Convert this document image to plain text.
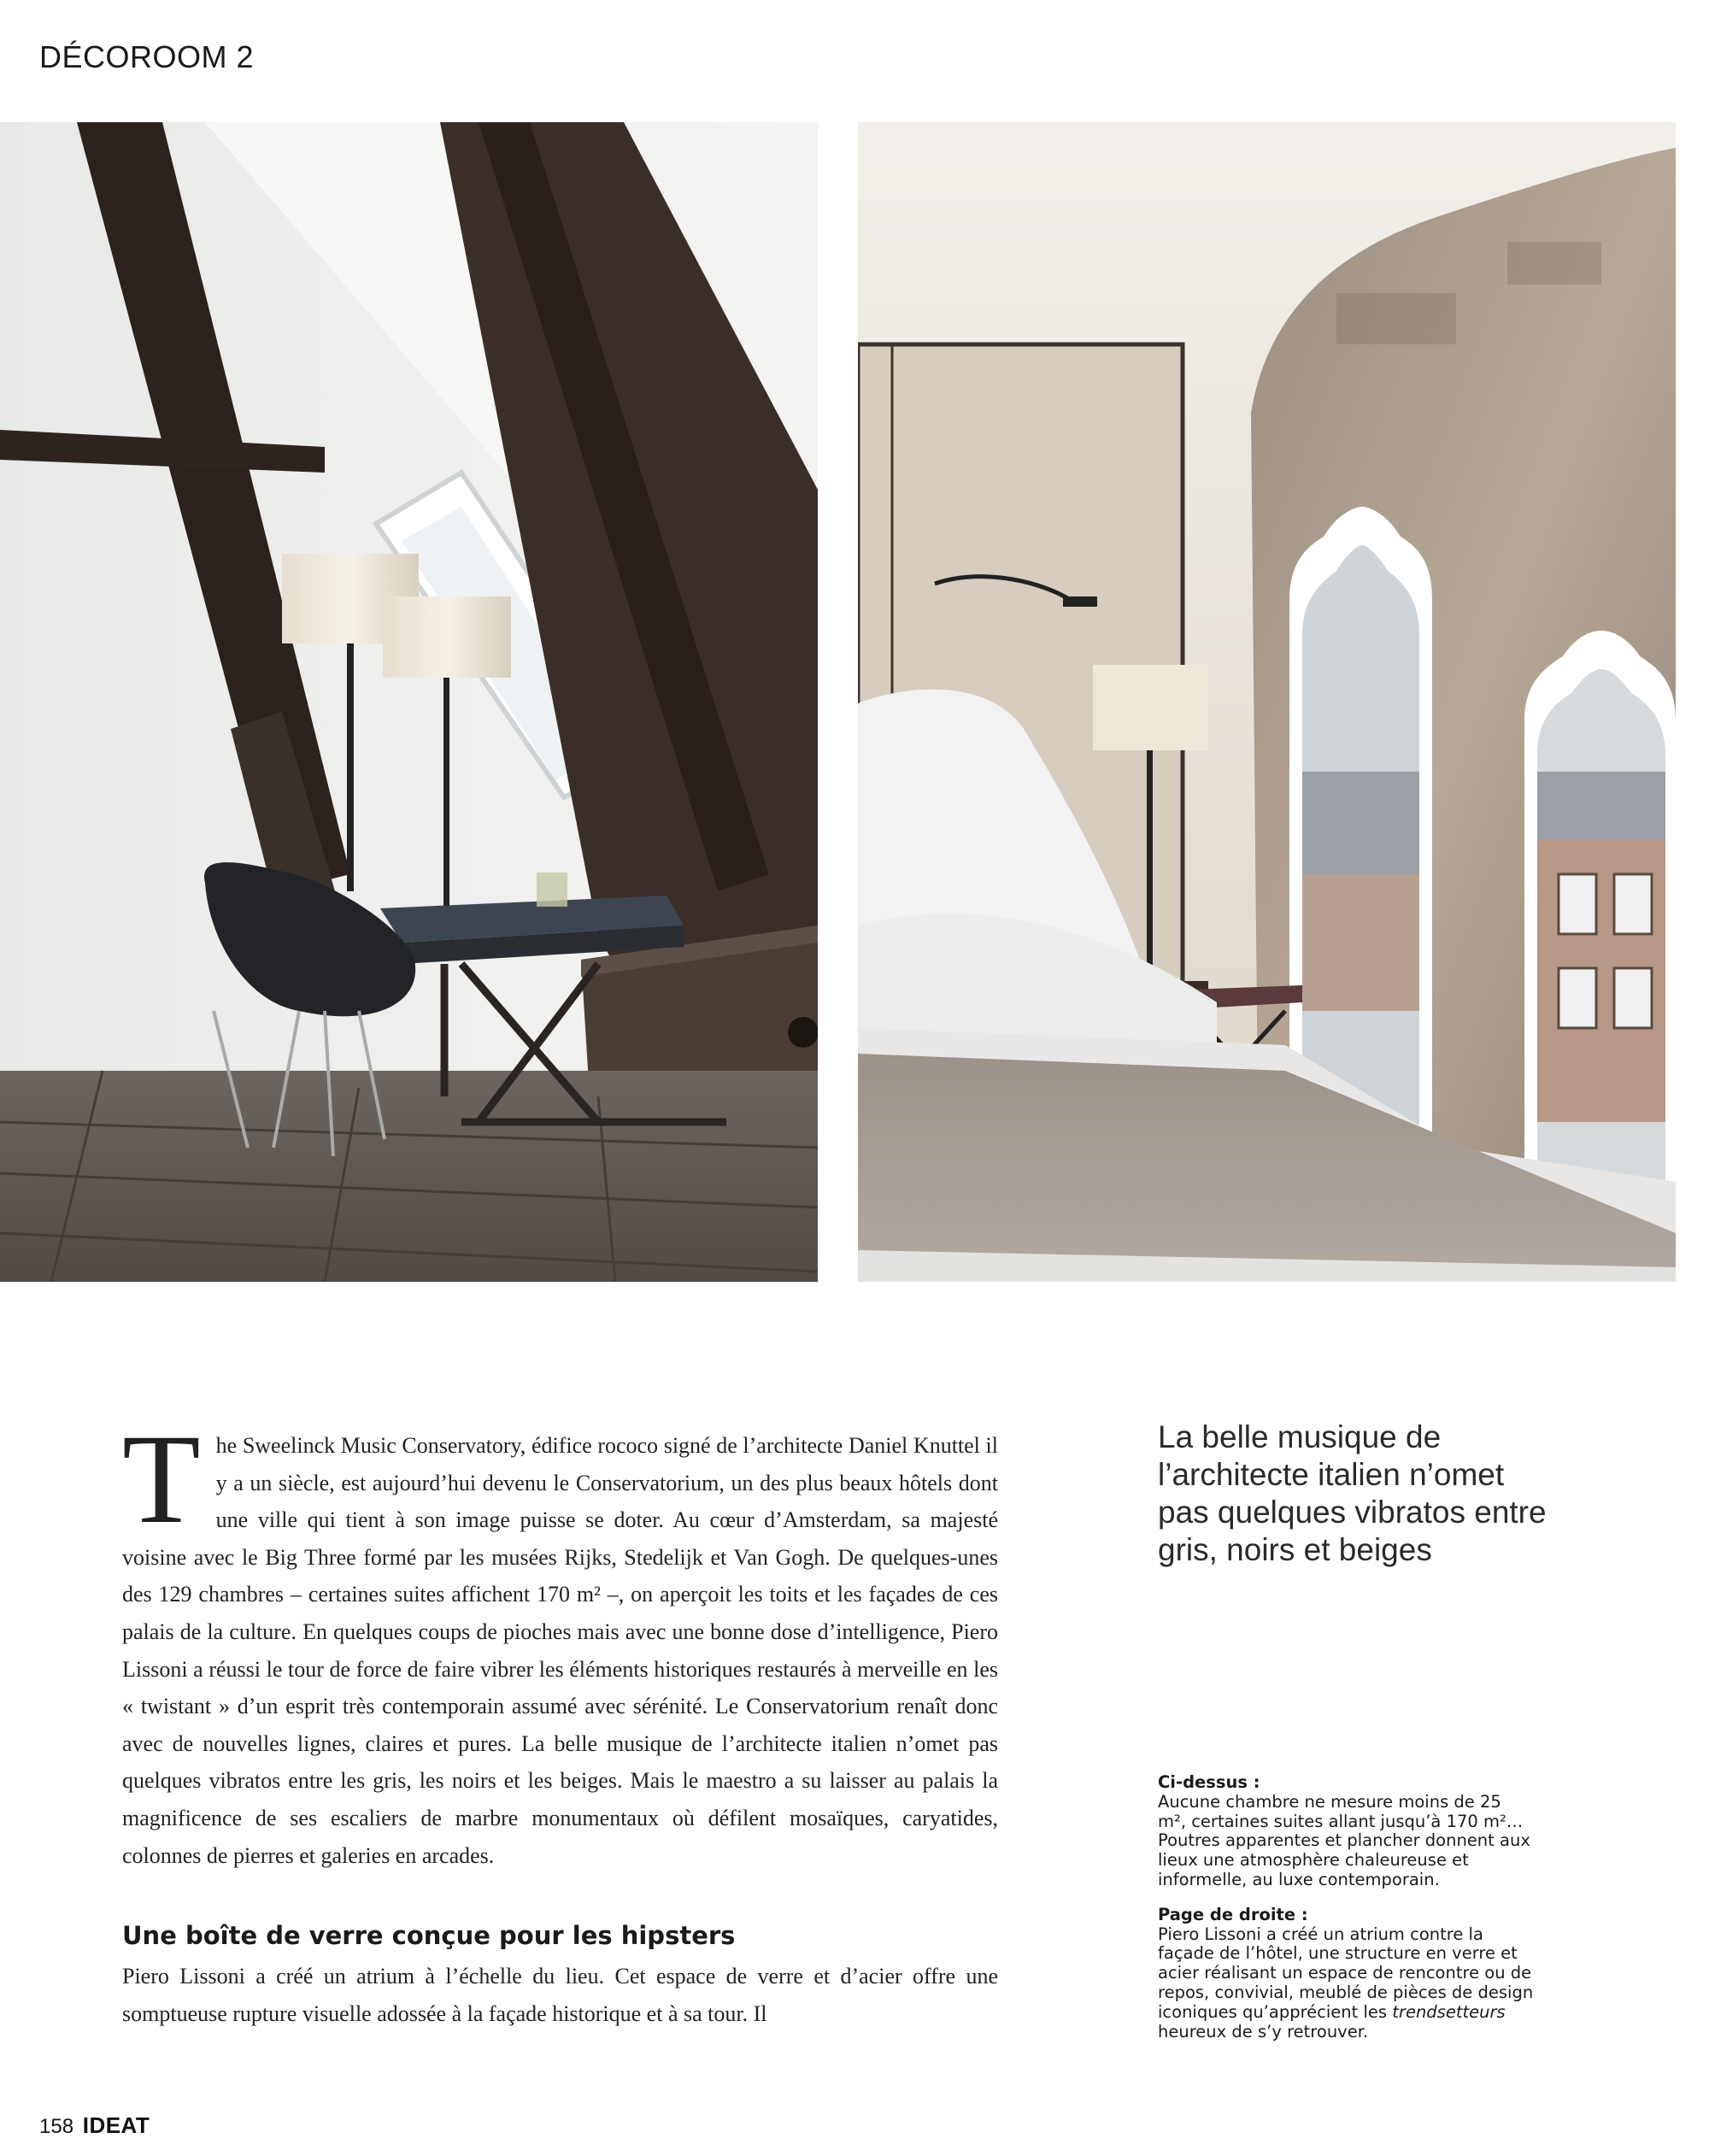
DÉCOROOM 2

The Sweelinck Music Conservatory, édifice rococo signé de l’architecte Daniel Knuttel il y a un siècle, est aujourd’hui devenu le Conservatorium, un des plus beaux hôtels dont une ville qui tient à son image puisse se doter. Au cœur d’Amsterdam, sa majesté voisine avec le Big Three formé par les musées Rijks, Stedelijk et Van Gogh. De quelques-unes des 129 chambres – certaines suites affichent 170 m² –, on aperçoit les toits et les façades de ces palais de la culture. En quelques coups de pioches mais avec une bonne dose d’intelligence, Piero Lissoni a réussi le tour de force de faire vibrer les éléments historiques restaurés à merveille en les « twistant » d’un esprit très contemporain assumé avec sérénité. Le Conservatorium renaît donc avec de nouvelles lignes, claires et pures. La belle musique de l’architecte italien n’omet pas quelques vibratos entre les gris, les noirs et les beiges. Mais le maestro a su laisser au palais la magnificence de ses escaliers de marbre monumentaux où défilent mosaïques, caryatides, colonnes de pierres et galeries en arcades.

Une boîte de verre conçue pour les hipsters

Piero Lissoni a créé un atrium à l’échelle du lieu. Cet espace de verre et d’acier offre une somptueuse rupture visuelle adossée à la façade historique et à sa tour. Il

La belle musique de l’architecte italien n’omet pas quelques vibratos entre gris, noirs et beiges
Ci-dessus :
Aucune chambre ne mesure moins de 25 m², certaines suites allant jusqu’à 170 m²… Poutres apparentes et plancher donnent aux lieux une atmosphère chaleureuse et informelle, au luxe contemporain.
Page de droite :
Piero Lissoni a créé un atrium contre la façade de l’hôtel, une structure en verre et acier réalisant un espace de rencontre ou de repos, convivial, meublé de pièces de design iconiques qu’apprécient les trendsetteurs heureux de s’y retrouver.
158 IDEAT
